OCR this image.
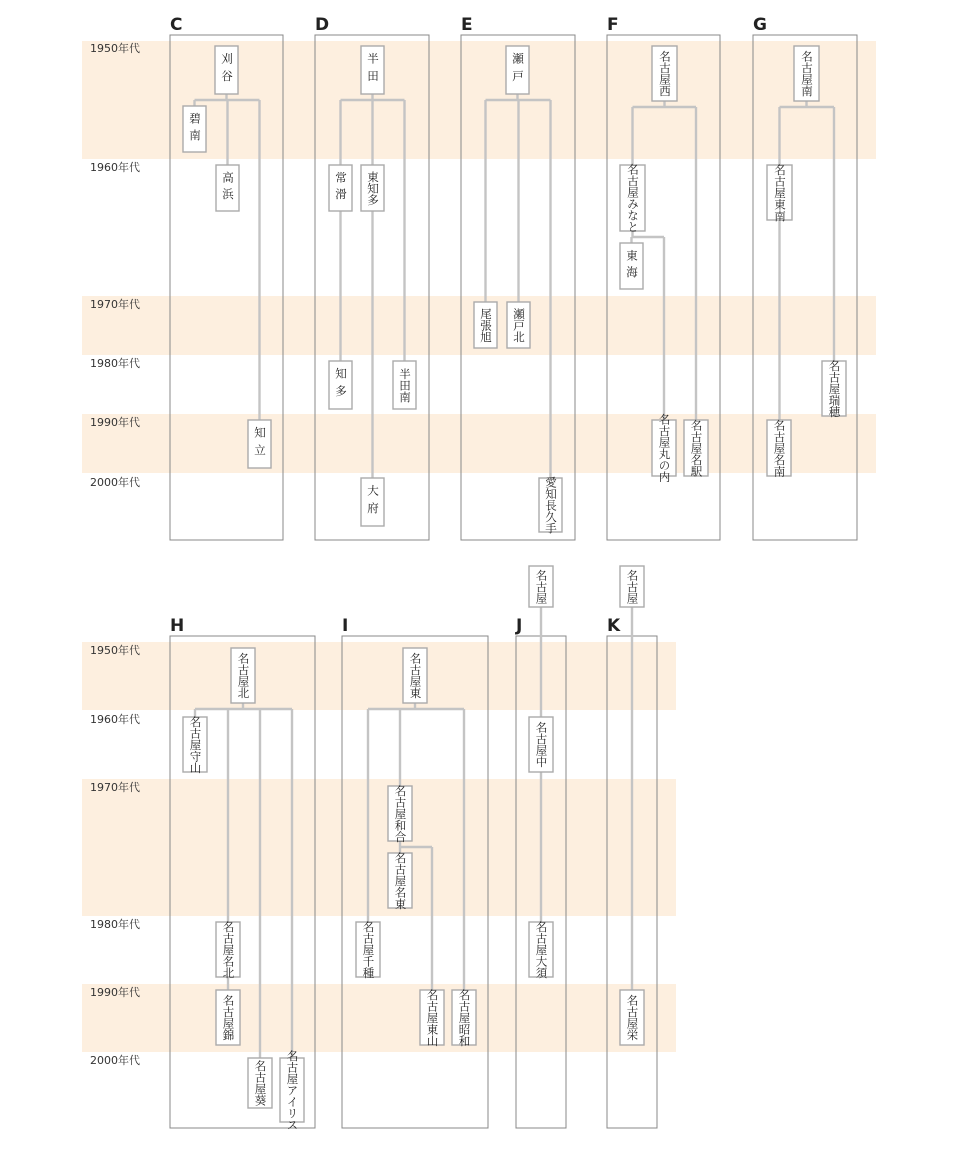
刈谷
碧南
高浜
知立
半田
常滑 東知多
知多	半田南
大府
瀬戸
尾張旭 瀬戸北
愛知長久手
名古屋西
名古屋みなと
東海
名古屋丸の内 名古屋名駅
名古屋南
名古屋東南
名古屋瑞穂
名古屋名南
名古屋北
名古屋守山
名古屋名北
名古屋錦
名古屋葵 名古屋アイリス
名古屋東
名古屋和合
名古屋名東
名古屋千種
名古屋東山 名古屋昭和
名古屋
名古屋中
名古屋大須
名古屋
名古屋栄
1950年代
1960年代
1970年代
1980年代
1990年代
2000年代
1950年代
1960年代
1970年代
1980年代
1990年代
2000年代
C	D	E	F	G
H	I	J	K
